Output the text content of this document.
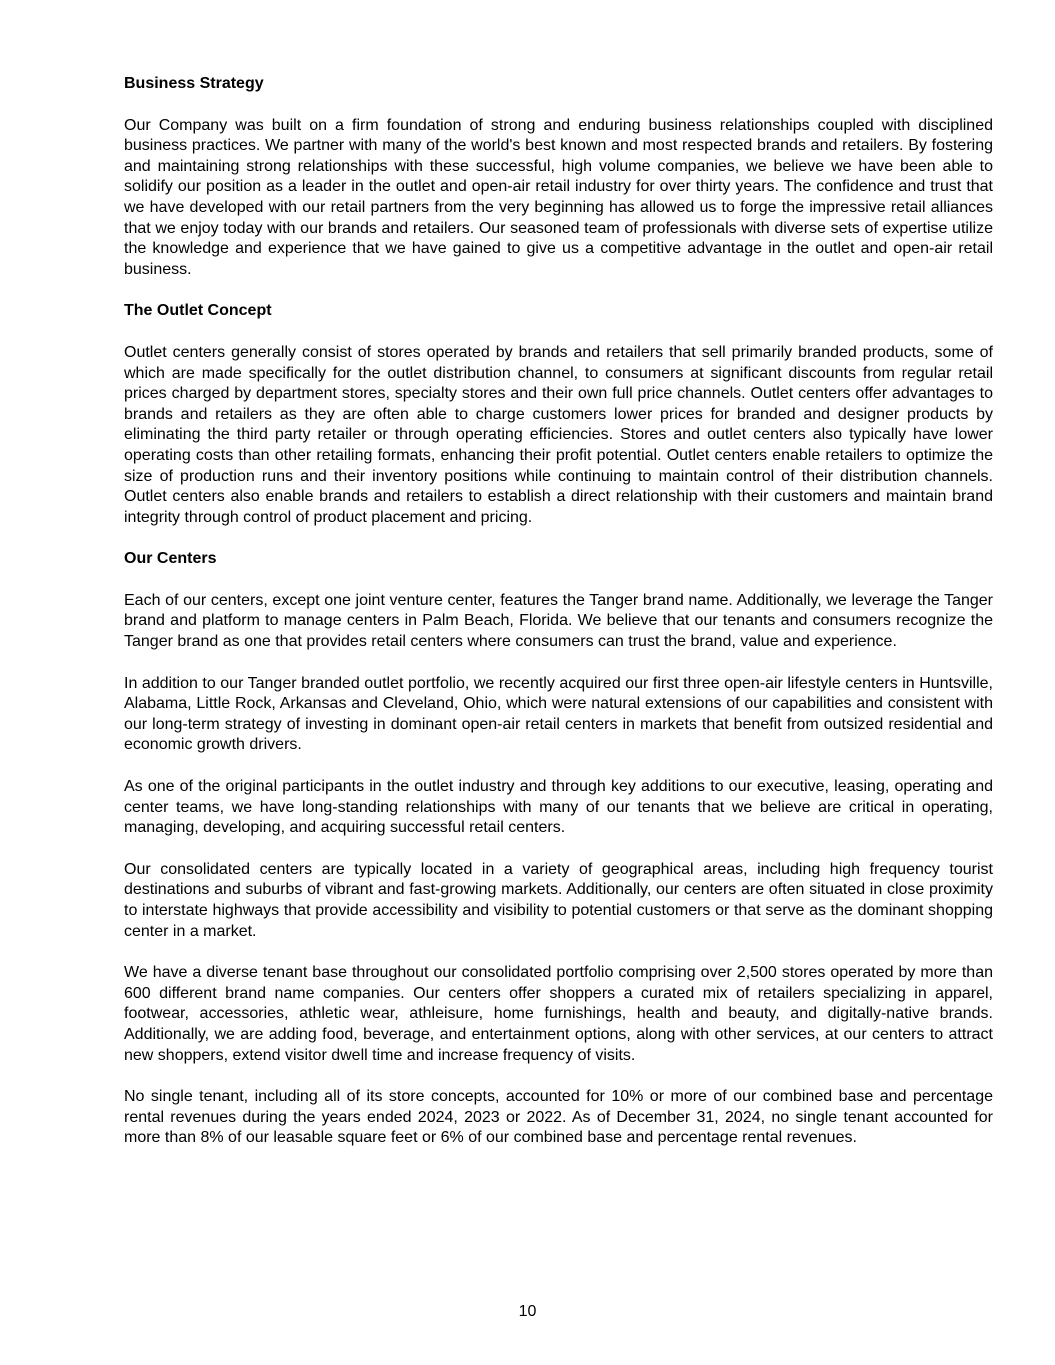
Business Strategy

Our Company was built on a firm foundation of strong and enduring business relationships coupled with disciplined business practices. We partner with many of the world's best known and most respected brands and retailers. By fostering and maintaining strong relationships with these successful, high volume companies, we believe we have been able to solidify our position as a leader in the outlet and open-air retail industry for over thirty years. The confidence and trust that we have developed with our retail partners from the very beginning has allowed us to forge the impressive retail alliances that we enjoy today with our brands and retailers. Our seasoned team of professionals with diverse sets of expertise utilize the knowledge and experience that we have gained to give us a competitive advantage in the outlet and open-air retail business.

The Outlet Concept

Outlet centers generally consist of stores operated by brands and retailers that sell primarily branded products, some of which are made specifically for the outlet distribution channel, to consumers at significant discounts from regular retail prices charged by department stores, specialty stores and their own full price channels. Outlet centers offer advantages to brands and retailers as they are often able to charge customers lower prices for branded and designer products by eliminating the third party retailer or through operating efficiencies. Stores and outlet centers also typically have lower operating costs than other retailing formats, enhancing their profit potential. Outlet centers enable retailers to optimize the size of production runs and their inventory positions while continuing to maintain control of their distribution channels. Outlet centers also enable brands and retailers to establish a direct relationship with their customers and maintain brand integrity through control of product placement and pricing.

Our Centers

Each of our centers, except one joint venture center, features the Tanger brand name. Additionally, we leverage the Tanger brand and platform to manage centers in Palm Beach, Florida. We believe that our tenants and consumers recognize the Tanger brand as one that provides retail centers where consumers can trust the brand, value and experience.

In addition to our Tanger branded outlet portfolio, we recently acquired our first three open-air lifestyle centers in Huntsville, Alabama, Little Rock, Arkansas and Cleveland, Ohio, which were natural extensions of our capabilities and consistent with our long-term strategy of investing in dominant open-air retail centers in markets that benefit from outsized residential and economic growth drivers.

As one of the original participants in the outlet industry and through key additions to our executive, leasing, operating and center teams, we have long-standing relationships with many of our tenants that we believe are critical in operating, managing, developing, and acquiring successful retail centers.

Our consolidated centers are typically located in a variety of geographical areas, including high frequency tourist destinations and suburbs of vibrant and fast-growing markets. Additionally, our centers are often situated in close proximity to interstate highways that provide accessibility and visibility to potential customers or that serve as the dominant shopping center in a market.

We have a diverse tenant base throughout our consolidated portfolio comprising over 2,500 stores operated by more than 600 different brand name companies. Our centers offer shoppers a curated mix of retailers specializing in apparel, footwear, accessories, athletic wear, athleisure, home furnishings, health and beauty, and digitally-native brands. Additionally, we are adding food, beverage, and entertainment options, along with other services, at our centers to attract new shoppers, extend visitor dwell time and increase frequency of visits.

No single tenant, including all of its store concepts, accounted for 10% or more of our combined base and percentage rental revenues during the years ended 2024, 2023 or 2022. As of December 31, 2024, no single tenant accounted for more than 8% of our leasable square feet or 6% of our combined base and percentage rental revenues.

10
